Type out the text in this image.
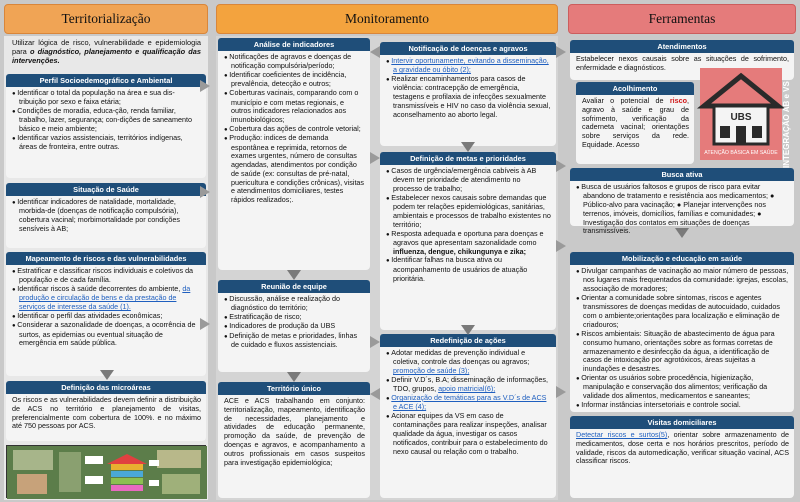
Territorialização	Monitoramento	Ferramentas

Utilizar lógica de risco, vulnerabilidade e epidemiologia para o diagnóstico, planejamento e qualificação das intervenções.

Perfil Socioedemográfico e Ambiental
● Identificar o total da população na área e sua dis-tribuição por sexo e faixa etária;
● Condições de moradia, educa-ção, renda familiar, trabalho, lazer, segurança; con-dições de saneamento básico e meio ambiente;
● Identificar vazios assistenciais, territórios indígenas, áreas de fronteira, entre outras.
Situação de Saúde
● Identificar indicadores de natalidade, mortalidade, morbida-de (doenças de notificação compulsória), cobertura vacinal; morbimortalidade por condições sensíveis à AB;
Mapeamento de riscos e das vulnerabilidades
● Estratificar e classificar riscos individuais e coletivos da população e de cada família.
● Identificar riscos à saúde decorrentes do ambiente, da produção e circulação de bens e da prestação de serviços de interesse da saúde (1).
● Identificar o perfil das atividades econômicas;
● Considerar a sazonalidade de doenças, a ocorrência de surtos, as epidemias ou eventual situação de emergência em saúde pública.
Definição das microáreas

Os riscos e as vulnerabilidades devem definir a distribuição de ACS no território e planejamento de visitas, preferencialmente com cobertura de 100%. e no máximo até 750 pessoas por ACS.

Análise de indicadores
● Notificações de agravos e doenças de notificação compulsória/período;
● Identificar coeficientes de incidência, prevalência, detecção e outros;
● Coberturas vacinais, comparando com o município e com metas regionais, e outros indicadores relacionados aos imunobiológicos;
● Cobertura das ações de controle vetorial;
● Produção: indices de demanda espontânea e reprimida, retornos de exames urgentes, número de consultas agendadas, atendimentos por condição de saúde (ex: consultas de pré-natal, puericultura e condições crônicas), visitas e atendimentos domiciliares, testes rápidos realizados;.
Reunião de equipe
● Discussão, análise e realização do diagnóstico do território;
● Estratificação de risco;
● Indicadores de produção da UBS
● Definição de metas e prioridades, linhas de cuidado e fluxos assistenciais.
Território único

ACE e ACS trabalhando em conjunto: territorialização, mapeamento, identificação de necessidades, planejamento e atividades de educação permanente, promoção da saúde, de prevenção de doenças e agravos, e acompanhamento a outros profissionais em casos suspeitos para investigação epidemiológica;

Notificação de doenças e agravos
● Intervir oportunamente, evitando a disseminação, a gravidade ou óbito (2);
● Realizar encaminhamentos para casos de violência: contracepção de emergência, testagens e profilaxia de infecções sexualmente transmissíveis e HIV no caso da violência sexual, aconselhamento ao aborto legal.
Definição de metas e prioridades
● Casos de urgência/emergência cabíveis à AB devem ter prioridade de atendimento no processo de trabalho;
● Estabelecer nexos causais sobre demandas que podem ter relações epidemiológicas, sanitárias, ambientais e processos de trabalho existentes no território;
● Resposta adequada e oportuna para doenças e agravos que apresentam sazonalidade como influenza, dengue, chikungunya e zika;
● Identificar falhas na busca ativa ou acompanhamento de usuários de atuação prioritária.
Redefinição de ações
● Adotar medidas de prevenção individual e coletiva, controle das doenças ou agravos; promoção de saúde (3);
● Definir V.D´s, B.A; disseminação de informações, TDO, grupos, apoio matricial(6);
● Organização de temáticas para as V.D´s de ACS e ACE (4);
● Acionar equipes da VS em caso de contaminações para realizar inspeções, analisar qualidade da água, investigar os casos notificados, contribuir para o estabelecimento do nexo causal ou relação com o trabalho.
Atendimentos

Estabelecer nexos causais sobre as situações de sofrimento, enfermidade e diagnósticos.

Acolhimento

Avaliar o potencial de risco, agravo à saúde e grau de sofrimento, verificação da caderneta vacinal; orientações sobre serviços da rede. Equidade. Acesso

UBS
ATENÇÃO BÁSICA EM SAÚDE INTEGRAÇÃO AB e VS
Busca ativa
● Busca de usuários faltosos e grupos de risco para evitar abandono de tratamento e resistência aos medicamentos; ● Público-alvo para vacinação; ● Planejar intervenções nos terrenos, imóveis, domicílios, famílias e comunidades; ● Investigação dos contatos em situações de doenças transmissíveis.
Mobilização e educação em saúde
● Divulgar campanhas de vacinação ao maior número de pessoas, nos lugares mais frequentados da comunidade: igrejas, escolas, associação de moradores;
● Orientar a comunidade sobre sintomas, riscos e agentes transmissores de doenças medidas de autocuidado, cuidados com o ambiente;orientações para localização e eliminação de criadouros;
● Riscos ambientais: Situação de abastecimento de água para consumo humano, orientações sobre as formas corretas de armazenamento e desinfecção da água, a identificação de casos de intoxicação por agrotóxicos, áreas sujeitas a inundações e desastres.
● Orientar os usuários sobre procedência, higienização, manipulação e conservação dos alimentos; verificação da validade dos alimentos, medicamentos e saneantes;
● Informar instâncias intersetoriais e controle social.
Visitas domiciliares

Detectar riscos e surtos(5), orientar sobre armazenamento de medicamentos, dose certa e nos horários prescritos, período de validade, riscos da automedicação, verificar situação vacinal, ACS classificar riscos.
